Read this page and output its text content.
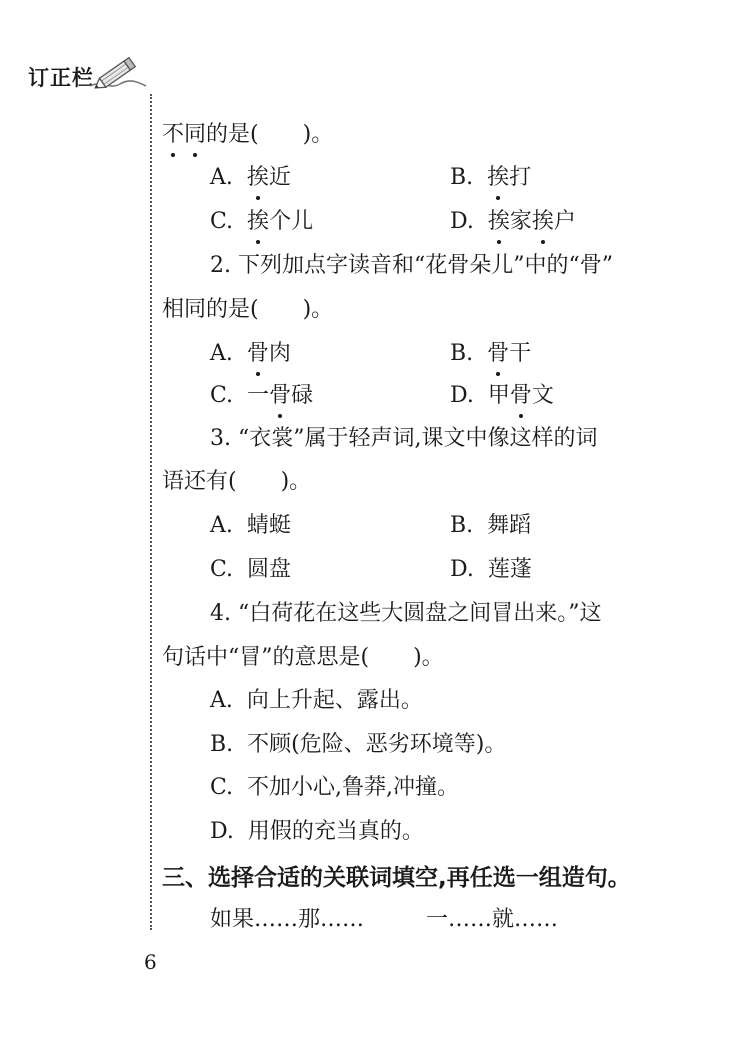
订正栏
不同的是( )。
A. 挨近	B. 挨打
C. 挨个儿	D. 挨家挨户
2. 下列加点字读音和“花骨朵儿”中的“骨”
相同的是( )。
A. 骨肉	B. 骨干
C. 一骨碌	D. 甲骨文
3. “衣裳”属于轻声词,课文中像这样的词
语还有( )。
A. 蜻蜓	B. 舞蹈
C. 圆盘	D. 莲蓬
4. “白荷花在这些大圆盘之间冒出来。”这
句话中“冒”的意思是( )。
A. 向上升起、露出。
B. 不顾(危险、恶劣环境等)。
C. 不加小心,鲁莽,冲撞。
D. 用假的充当真的。
三、选择合适的关联词填空,再任选一组造句。
如果……那……	一……就……
6
